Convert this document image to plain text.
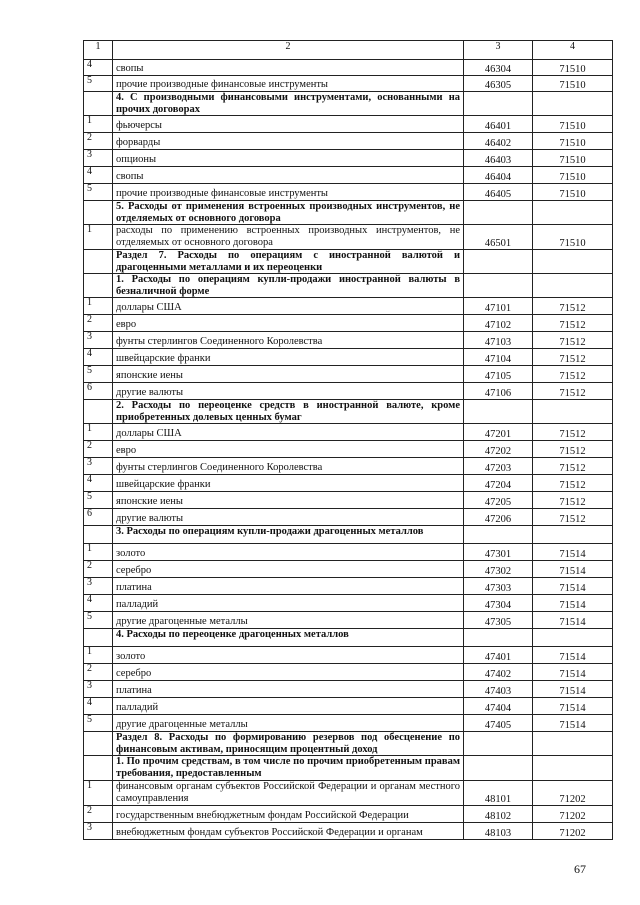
1	2	3	4
4	свопы	46304	71510
5	прочие производные финансовые инструменты	46305	71510
	4. С производными финансовыми инструментами, основанными на прочих договорах		
1	фьючерсы	46401	71510
2	форварды	46402	71510
3	опционы	46403	71510
4	свопы	46404	71510
5	прочие производные финансовые инструменты	46405	71510
	5. Расходы от применения встроенных производных инструментов, не отделяемых от основного договора		
1	расходы по применению встроенных производных инструментов, не отделяемых от основного договора	46501	71510
	Раздел 7. Расходы по операциям с иностранной валютой и драгоценными металлами и их переоценки		
	1. Расходы по операциям купли-продажи иностранной валюты в безналичной форме		
1	доллары США	47101	71512
2	евро	47102	71512
3	фунты стерлингов Соединенного Королевства	47103	71512
4	швейцарские франки	47104	71512
5	японские иены	47105	71512
6	другие валюты	47106	71512
	2. Расходы по переоценке средств в иностранной валюте, кроме приобретенных долевых ценных бумаг		
1	доллары США	47201	71512
2	евро	47202	71512
3	фунты стерлингов Соединенного Королевства	47203	71512
4	швейцарские франки	47204	71512
5	японские иены	47205	71512
6	другие валюты	47206	71512
	3. Расходы по операциям купли-продажи драгоценных металлов		
1	золото	47301	71514
2	серебро	47302	71514
3	платина	47303	71514
4	палладий	47304	71514
5	другие драгоценные металлы	47305	71514
	4. Расходы по переоценке драгоценных металлов		
1	золото	47401	71514
2	серебро	47402	71514
3	платина	47403	71514
4	палладий	47404	71514
5	другие драгоценные металлы	47405	71514
	Раздел 8. Расходы по формированию резервов под обесценение по финансовым активам, приносящим процентный доход		
	1. По прочим средствам, в том числе по прочим приобретенным правам требования, предоставленным		
1	финансовым органам субъектов Российской Федерации и органам местного самоуправления	48101	71202
2	государственным внебюджетным фондам Российской Федерации	48102	71202
3	внебюджетным фондам субъектов Российской Федерации и органам	48103	71202
67
